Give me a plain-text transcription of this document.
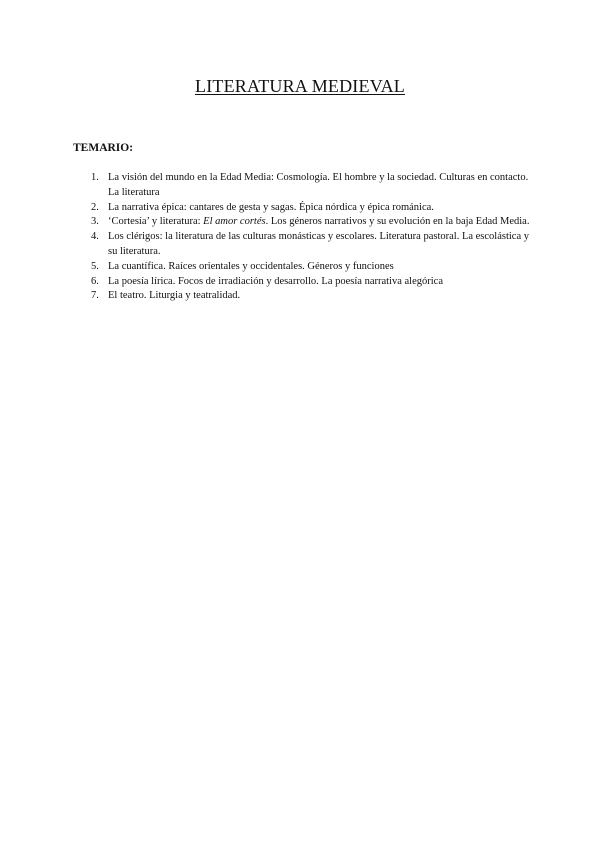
LITERATURA MEDIEVAL
TEMARIO:
1. La visión del mundo en la Edad Media: Cosmología. El hombre y la sociedad. Culturas en contacto. La literatura
2. La narrativa épica: cantares de gesta y sagas. Épica nórdica y épica románica.
3. ‘Cortesía’ y literatura: El amor cortés. Los géneros narrativos y su evolución en la baja Edad Media.
4. Los clérigos: la literatura de las culturas monásticas y escolares. Literatura pastoral. La escolástica y su literatura.
5. La cuantífica. Raíces orientales y occidentales. Géneros y funciones
6. La poesía lírica. Focos de irradiación y desarrollo. La poesía narrativa alegórica
7. El teatro. Liturgia y teatralidad.
